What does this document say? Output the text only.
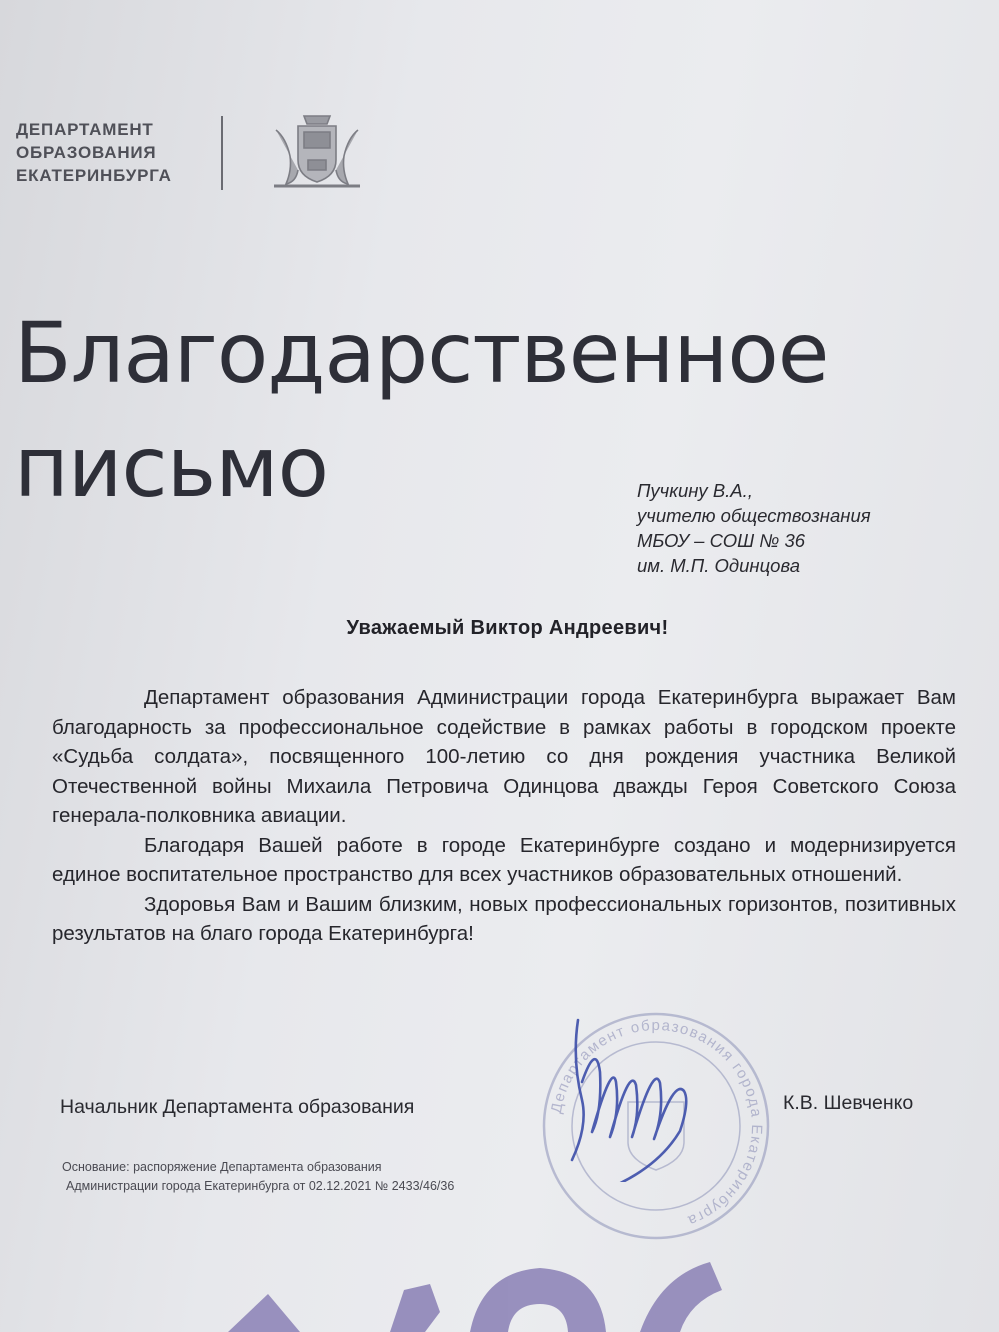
ДЕПАРТАМЕНТ
ОБРАЗОВАНИЯ
ЕКАТЕРИНБУРГА
Благодарственное
письмо	Пучкину В.А.,
учителю обществознания
МБОУ – СОШ № 36
им. М.П. Одинцова
Уважаемый Виктор Андреевич!

Департамент образования Администрации города Екатеринбурга выражает Вам благодарность за профессиональное содействие в рамках работы в городском проекте «Судьба солдата», посвященного 100-летию со дня рождения участника Великой Отечественной войны Михаила Петровича Одинцова дважды Героя Советского Союза генерала-полковника авиации.

Благодаря Вашей работе в городе Екатеринбурге создано и модернизируется единое воспитательное пространство для всех участников образовательных отношений.

Здоровья Вам и Вашим близким, новых профессиональных горизонтов, позитивных результатов на благо города Екатеринбурга!

Департамент образования города Екатеринбурга
Начальник Департамента образования	К.В. Шевченко
Основание: распоряжение Департамента образования
Администрации города Екатеринбурга от 02.12.2021 № 2433/46/36
